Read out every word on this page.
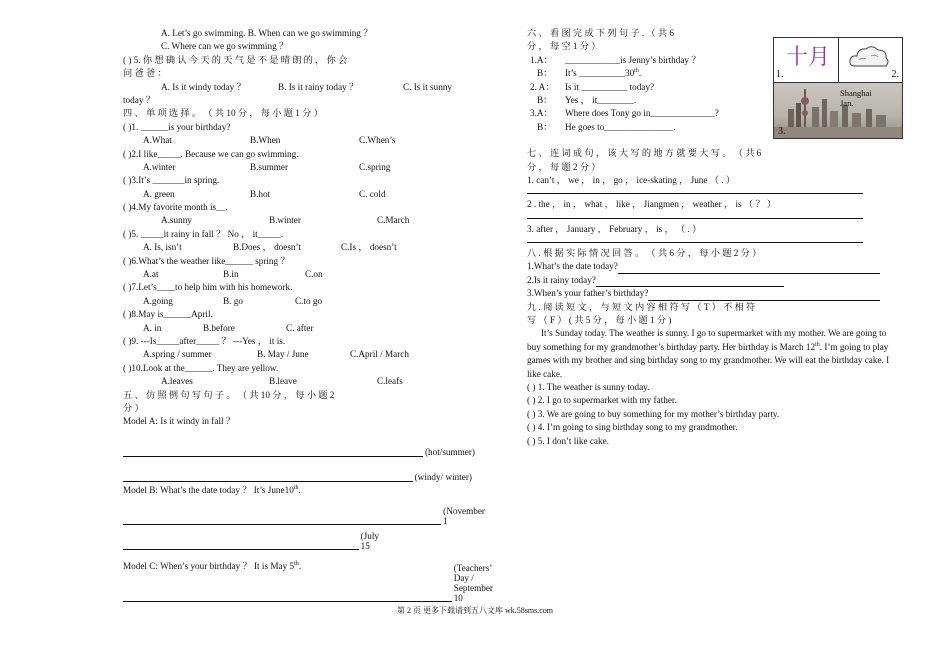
A. Let’s go swimming. B. When can we go swimming ？
C. Where can we go swimming ？
( ) 5. 你 想 确 认 今 天 的 天 气 是 不 是 晴 朗 的 ， 你 会
问 爸 爸 ：
A. Is it windy today ？	B. Is it rainy today ？	C. Is it sunny
today ？
四 、 单 项 选 择 。 （ 共 10 分 ， 每 小 题 1 分 ）
( )1. ______is your birthday?
A.What	B.When	C.When’s
( )2.I like_____. Because we can go swimming.
A.winter	B.summer	C.spring
( )3.It’s _______in spring.
A. green	B.hot	C. cold
( )4.My favorite month is__.
A.sunny	B.winter	C.March
( )5. _____it rainy in fall ？ No ， it_____.
A. Is, isn’t	B.Does ， doesn’t	C.Is ， doesn’t
( )6.What’s the weather like______ spring ？
A.at	B.in	C.on
( )7.Let’s____to help him with his homework.
A.going	B. go	C.to go
( )8.May is______April.
A. in	B.before	C. after
( )9. ---Is_____after_____ ？ ---Yes ， it is.
A.spring / summer	B. May / June	C.April / March
( )10.Look at the______. They are yellow.
A.leaves	B.leave	C.leafs
五 、 仿 照 例 句 写 句 子 。 （ 共 10 分 ， 每 小 题 2
分 ）
Model A: Is it windy in fall ？
(hot/summer)
(windy/ winter)
Model B: What’s the date today ？ It’s June10th.
(November 1
(July 15
Model C: When’s your birthday ？ It is May 5th.	(Teachers’ Day / September 10
六 、 看 图 完 成 下 列 句 子 . （ 共 6
分 ， 每 空 1 分 ）
1.A： ____________is Jenny’s birthday ？
B： It’s __________30th.
2. A： Is it __________ today?
B： Yes ， it________.
3.A： Where does Tony go in______________?
B： He goes to_______________.
七 、 连 词 成 句 ， 该 大 写 的 地 方 就 要 大 写 。 （ 共 6
分 ， 每 题 2 分 ）
1. can’t ， we ， in ， go ， ice-skating ， June （ . ）
2 . the ， in ， what ， like ， Jiangmen ， weather ， is （ ？ ）
3. after ， January ， February ， is ， （ . ）
八 . 根 据 实 际 情 况 回 答 。 （ 共 6 分 ， 每 小 题 2 分 ）
1.What’s the date today?
2.Is it rainy today?
3.When’s your father’s birthday?
九 . 阅 读 短 文 ， 与 短 文 内 容 相 符 写 （ T ） 不 相 符
写 （ F ） ( 共 5 分 ， 每 小 题 1 分 )
It’s Sunday today. The weather is sunny. I go to supermarket with my mother. We are going to buy something for my grandmother’s birthday party. Her birthday is March 12th. I’m going to play games with my brother and sing birthday song to my grandmother. We will eat the birthday cake. I like cake.
( ) 1. The weather is sunny today.
( ) 2. I go to supermarket with my father.
( ) 3. We are going to buy something for my mother’s birthday party.
( ) 4. I’m going to sing birthday song to my grandmother.
( ) 5. I don’t like cake.
1.
十月
2.
Shanghai
Jan.
3.
第 2 页 更多下载请到五八文库 wk.58sms.com
